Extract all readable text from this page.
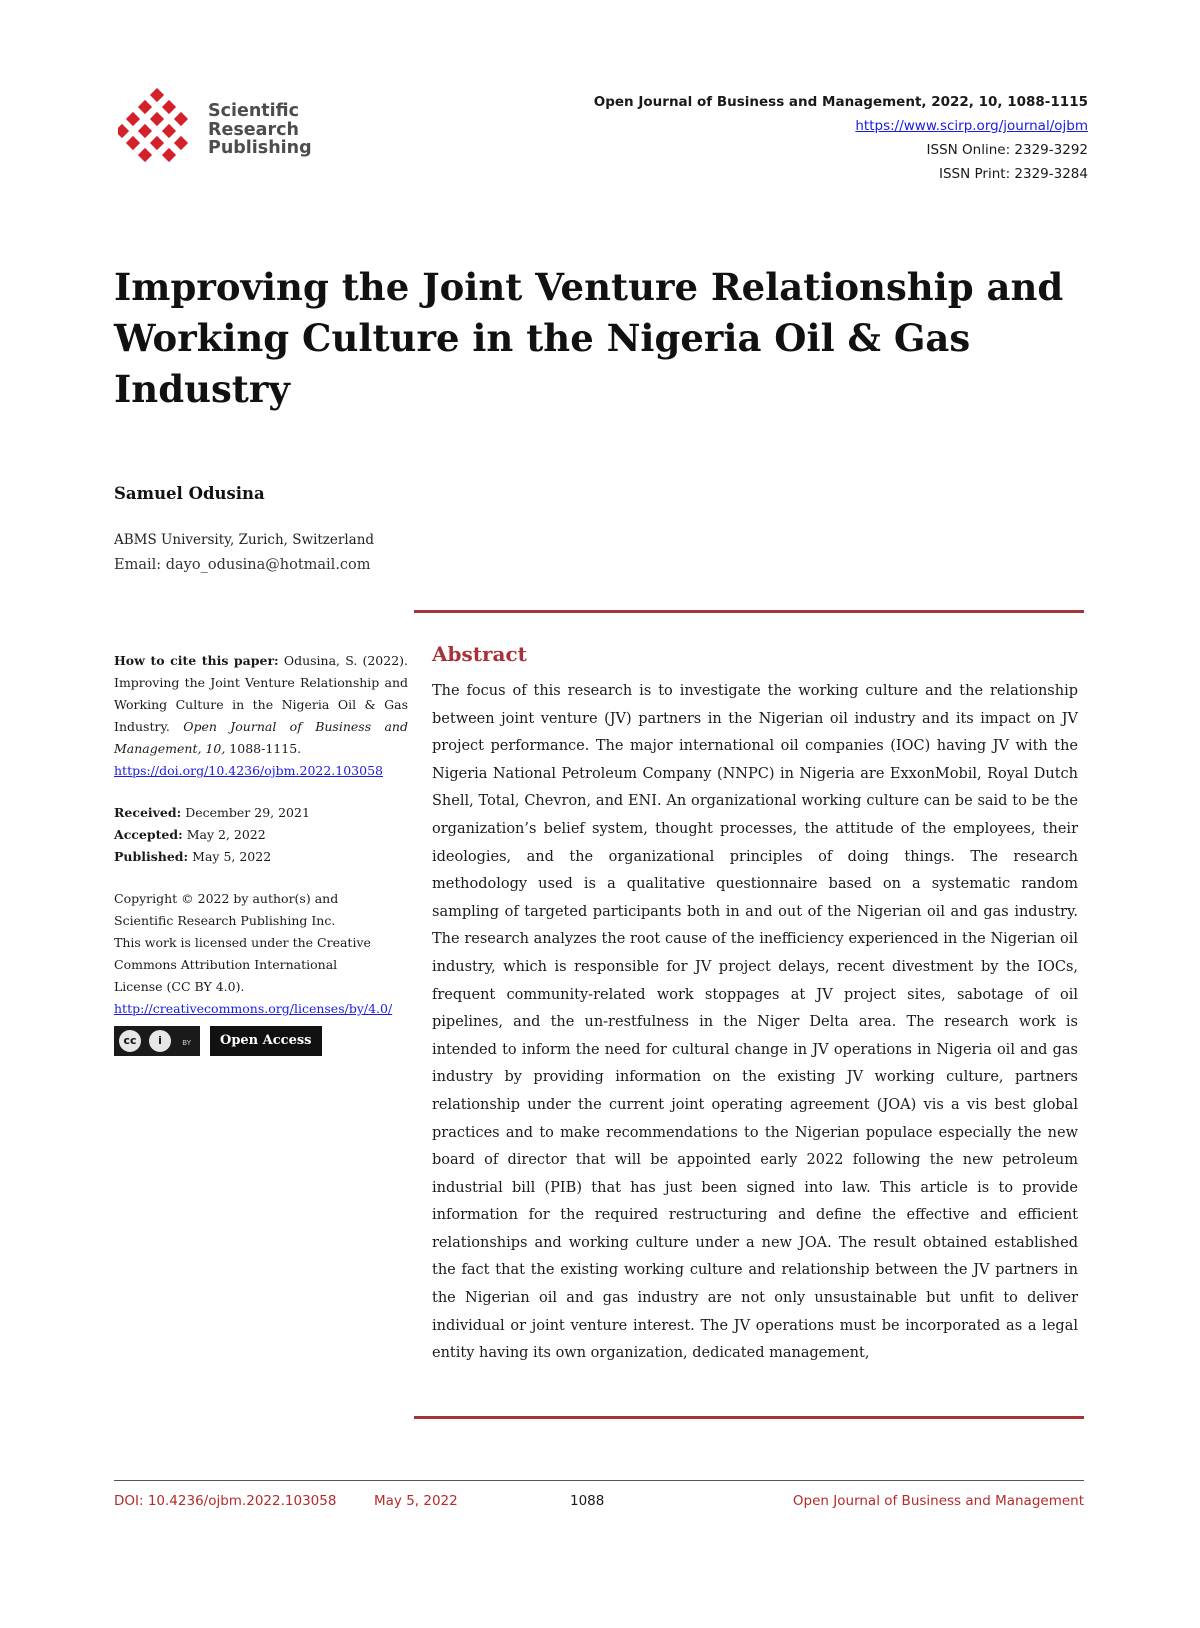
Scientific
Research
Publishing
Open Journal of Business and Management, 2022, 10, 1088-1115
https://www.scirp.org/journal/ojbm
ISSN Online: 2329-3292
ISSN Print: 2329-3284
Improving the Joint Venture Relationship and Working Culture in the Nigeria Oil & Gas Industry
Samuel Odusina
ABMS University, Zurich, Switzerland
Email: dayo_odusina@hotmail.com
How to cite this paper: Odusina, S. (2022). Improving the Joint Venture Relationship and Working Culture in the Nigeria Oil & Gas Industry. Open Journal of Business and Management, 10, 1088-1115.
https://doi.org/10.4236/ojbm.2022.103058
Received: December 29, 2021
Accepted: May 2, 2022
Published: May 5, 2022
Copyright © 2022 by author(s) and
Scientific Research Publishing Inc.
This work is licensed under the Creative
Commons Attribution International
License (CC BY 4.0).
http://creativecommons.org/licenses/by/4.0/
cc	i	BY	Open Access
Abstract

The focus of this research is to investigate the working culture and the relationship between joint venture (JV) partners in the Nigerian oil industry and its impact on JV project performance. The major international oil companies (IOC) having JV with the Nigeria National Petroleum Company (NNPC) in Nigeria are ExxonMobil, Royal Dutch Shell, Total, Chevron, and ENI. An organizational working culture can be said to be the organization’s belief system, thought processes, the attitude of the employees, their ideologies, and the organizational principles of doing things. The research methodology used is a qualitative questionnaire based on a systematic random sampling of targeted participants both in and out of the Nigerian oil and gas industry. The research analyzes the root cause of the inefficiency experienced in the Nigerian oil industry, which is responsible for JV project delays, recent divestment by the IOCs, frequent community-related work stoppages at JV project sites, sabotage of oil pipelines, and the un-restfulness in the Niger Delta area. The research work is intended to inform the need for cultural change in JV operations in Nigeria oil and gas industry by providing information on the existing JV working culture, partners relationship under the current joint operating agreement (JOA) vis a vis best global practices and to make recommendations to the Nigerian populace especially the new board of director that will be appointed early 2022 following the new petroleum industrial bill (PIB) that has just been signed into law. This article is to provide information for the required restructuring and define the effective and efficient relationships and working culture under a new JOA. The result obtained established the fact that the existing working culture and relationship between the JV partners in the Nigerian oil and gas industry are not only unsustainable but unfit to deliver individual or joint venture interest. The JV operations must be incorporated as a legal entity having its own organization, dedicated management,

DOI: 10.4236/ojbm.2022.103058	May 5, 2022	1088	Open Journal of Business and Management
